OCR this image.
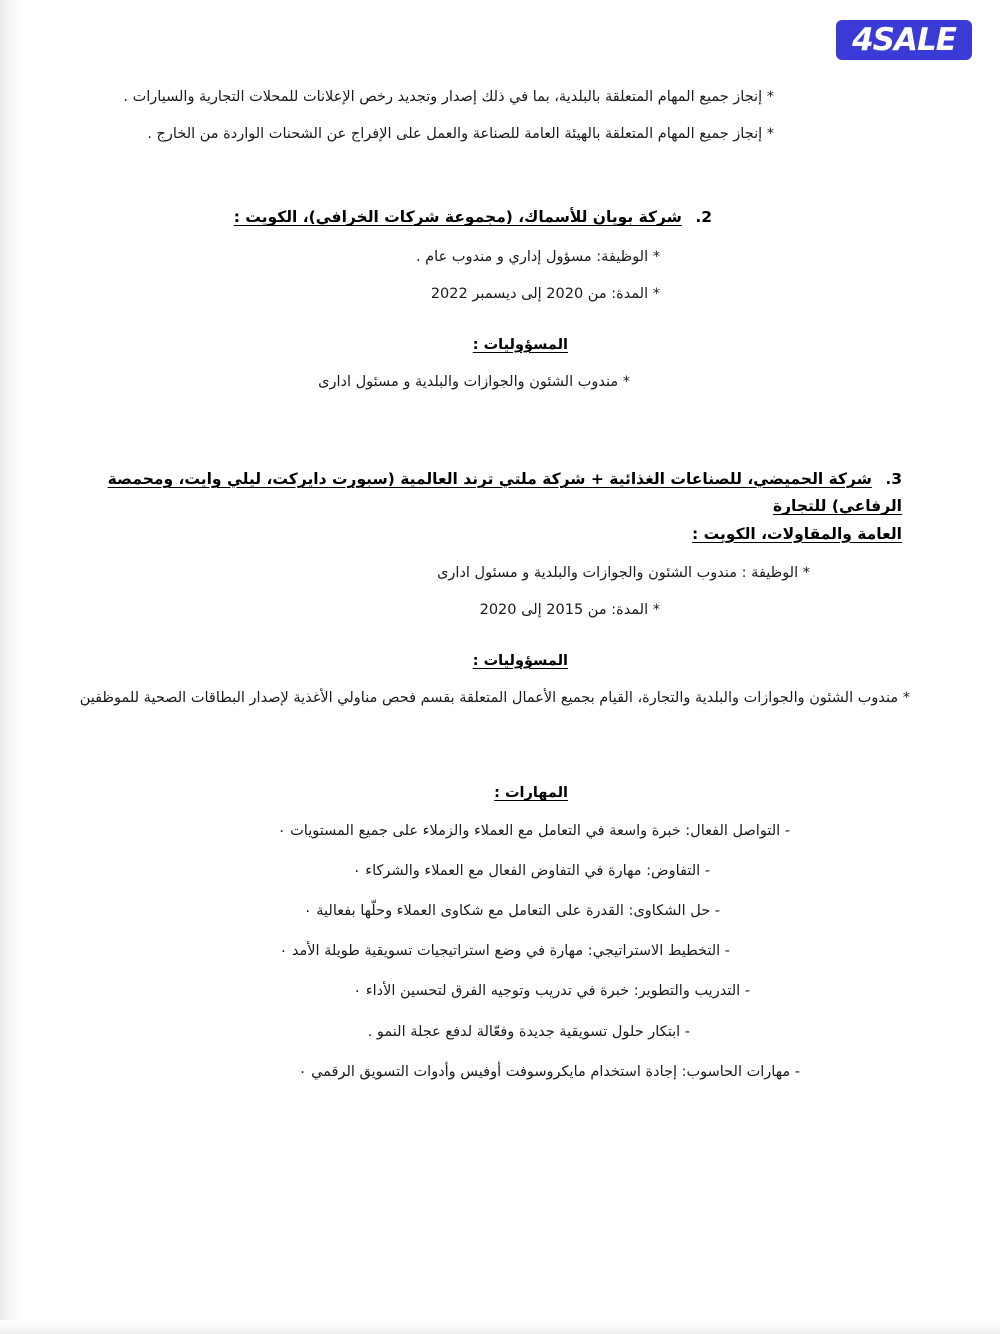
4SALE

* إنجاز جميع المهام المتعلقة بالبلدية، بما في ذلك إصدار وتجديد رخص الإعلانات للمحلات التجارية والسيارات .

* إنجاز جميع المهام المتعلقة بالهيئة العامة للصناعة والعمل على الإفراج عن الشحنات الواردة من الخارج .

2. شركة بويان للأسماك، (مجموعة شركات الخرافي)، الكويت :

* الوظيفة: مسؤول إداري و مندوب عام .

* المدة: من 2020 إلى ديسمبر 2022

المسؤوليات :

* مندوب الشئون والجوازات والبلدية و مسئول ادارى

3. شركة الحميضي، للصناعات الغذائية + شركة ملتي ترند العالمية (سبورت دايركت، ليلي وايت، ومحمصة الرفاعي) للتجارة

العامة والمقاولات، الكويت :

* الوظيفة : مندوب الشئون والجوازات والبلدية و مسئول ادارى

* المدة: من 2015 إلى 2020

المسؤوليات :

* مندوب الشئون والجوازات والبلدية والتجارة، القيام بجميع الأعمال المتعلقة بقسم فحص مناولي الأغذية لإصدار البطاقات الصحية للموظفين

المهارات :

- التواصل الفعال: خبرة واسعة في التعامل مع العملاء والزملاء على جميع المستويات ٠

- التفاوض: مهارة في التفاوض الفعال مع العملاء والشركاء ٠

- حل الشكاوى: القدرة على التعامل مع شكاوى العملاء وحلّها بفعالية ٠

- التخطيط الاستراتيجي: مهارة في وضع استراتيجيات تسويقية طويلة الأمد ٠

- التدريب والتطوير: خبرة في تدريب وتوجيه الفرق لتحسين الأداء ٠

- ابتكار حلول تسويقية جديدة وفعّالة لدفع عجلة النمو .

- مهارات الحاسوب: إجادة استخدام مايكروسوفت أوفيس وأدوات التسويق الرقمي ٠
